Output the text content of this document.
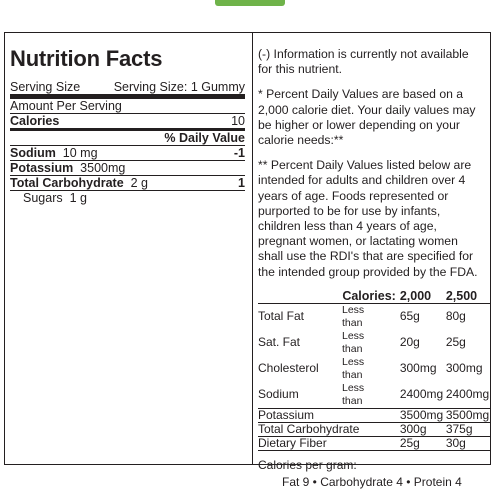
Nutrition Facts
Serving Size	Serving Size: 1 Gummy
Amount Per Serving
Calories	10
% Daily Value
Sodium 10 mg	-1
Potassium 3500mg
Total Carbohydrate 2 g	1
Sugars 1 g

(-) Information is currently not available for this nutrient.

* Percent Daily Values are based on a 2,000 calorie diet. Your daily values may be higher or lower depending on your calorie needs:**

** Percent Daily Values listed below are intended for adults and children over 4 years of age. Foods represented or purported to be for use by infants, children less than 4 years of age, pregnant women, or lactating women shall use the RDI's that are specified for the intended group provided by the FDA.

	Calories:		2,000	2,500
Total Fat	Less than		65g	80g
Sat. Fat	Less than		20g	25g
Cholesterol	Less than		300mg	300mg
Sodium	Less than		2400mg	2400mg
Potassium			3500mg	3500mg
Total Carbohydrate			300g	375g
Dietary Fiber			25g	30g
Calories per gram:
Fat 9 • Carbohydrate 4 • Protein 4
